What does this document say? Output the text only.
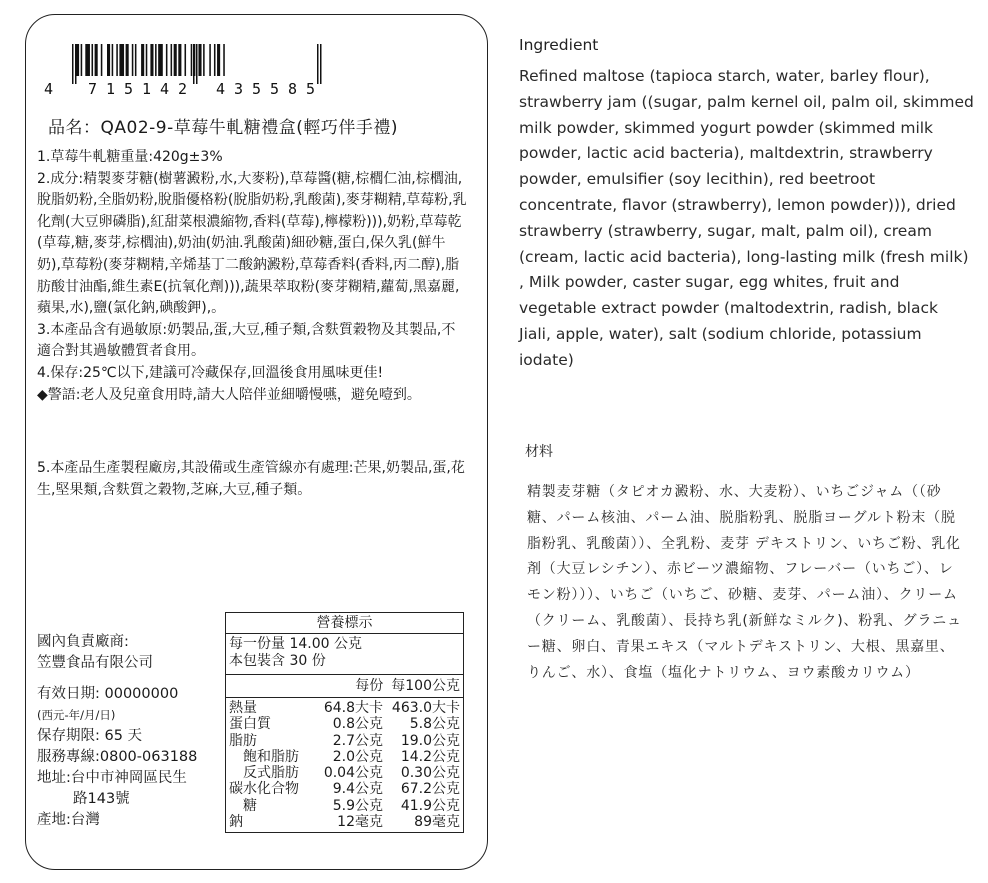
4 7 1 5 1 4 2 4 3 5 5 8 5
品名：QA02-9-草莓牛軋糖禮盒(輕巧伴手禮)
1.草莓牛軋糖重量:420g±3%
2.成分:精製麥芽糖(樹薯澱粉,水,大麥粉),草莓醬(糖,棕櫚仁油,棕櫚油,脫脂奶粉,全脂奶粉,脫脂優格粉(脫脂奶粉,乳酸菌),麥芽糊精,草莓粉,乳化劑(大豆卵磷脂),紅甜菜根濃縮物,香料(草莓),檸檬粉))),奶粉,草莓乾(草莓,糖,麥芽,棕櫚油),奶油(奶油.乳酸菌)細砂糖,蛋白,保久乳(鮮牛奶),草莓粉(麥芽糊精,辛烯基丁二酸鈉澱粉,草莓香料(香料,丙二醇),脂肪酸甘油酯,維生素E(抗氧化劑))),蔬果萃取粉(麥芽糊精,蘿蔔,黑嘉麗,蘋果,水),鹽(氯化鈉,碘酸鉀),。
3.本產品含有過敏原:奶製品,蛋,大豆,種子類,含麩質穀物及其製品,不適合對其過敏體質者食用。
4.保存:25℃以下,建議可冷藏保存,回溫後食用風味更佳!
◆警語:老人及兒童食用時,請大人陪伴並細嚼慢嚥，避免噎到。
5.本產品生產製程廠房,其設備或生產管線亦有處理:芒果,奶製品,蛋,花生,堅果類,含麩質之穀物,芝麻,大豆,種子類。
國內負責廠商:
笠豐食品有限公司
有效日期: 00000000
(西元-年/月/日)
保存期限: 65 天
服務專線:0800-063188
地址:台中市神岡區民生
路143號
產地:台灣
營養標示
每一份量 14.00 公克
本包裝含 30 份
每份 每100公克
熱量	64.8大卡 463.0大卡
蛋白質	0.8公克	5.8公克
脂肪	2.7公克	19.0公克
　飽和脂肪	2.0公克	14.2公克
　反式脂肪	0.04公克	0.30公克
碳水化合物	9.4公克	67.2公克
　糖	5.9公克	41.9公克
鈉	12毫克	89毫克
Ingredient
Refined maltose (tapioca starch, water, barley flour), strawberry jam ((sugar, palm kernel oil, palm oil, skimmed milk powder, skimmed yogurt powder (skimmed milk powder, lactic acid bacteria), maltdextrin, strawberry powder, emulsifier (soy lecithin), red beetroot concentrate, flavor (strawberry), lemon powder))), dried strawberry (strawberry, sugar, malt, palm oil), cream (cream, lactic acid bacteria), long-lasting milk (fresh milk) , Milk powder, caster sugar, egg whites, fruit and vegetable extract powder (maltodextrin, radish, black Jiali, apple, water), salt (sodium chloride, potassium iodate)
材料
精製麦芽糖（タピオカ澱粉、水、大麦粉）、いちごジャム（（砂糖、パーム核油、パーム油、脱脂粉乳、脱脂ヨーグルト粉末（脱脂粉乳、乳酸菌））、全乳粉、麦芽 デキストリン、いちご粉、乳化剤（大豆レシチン）、赤ビーツ濃縮物、フレーバー（いちご）、レモン粉）））、いちご（いちご、砂糖、麦芽、パーム油）、クリーム（クリーム、乳酸菌）、長持ち乳(新鮮なミルク)、粉乳、グラニュー糖、卵白、青果エキス（マルトデキストリン、大根、黒嘉里、りんご、水）、食塩（塩化ナトリウム、ヨウ素酸カリウム）
